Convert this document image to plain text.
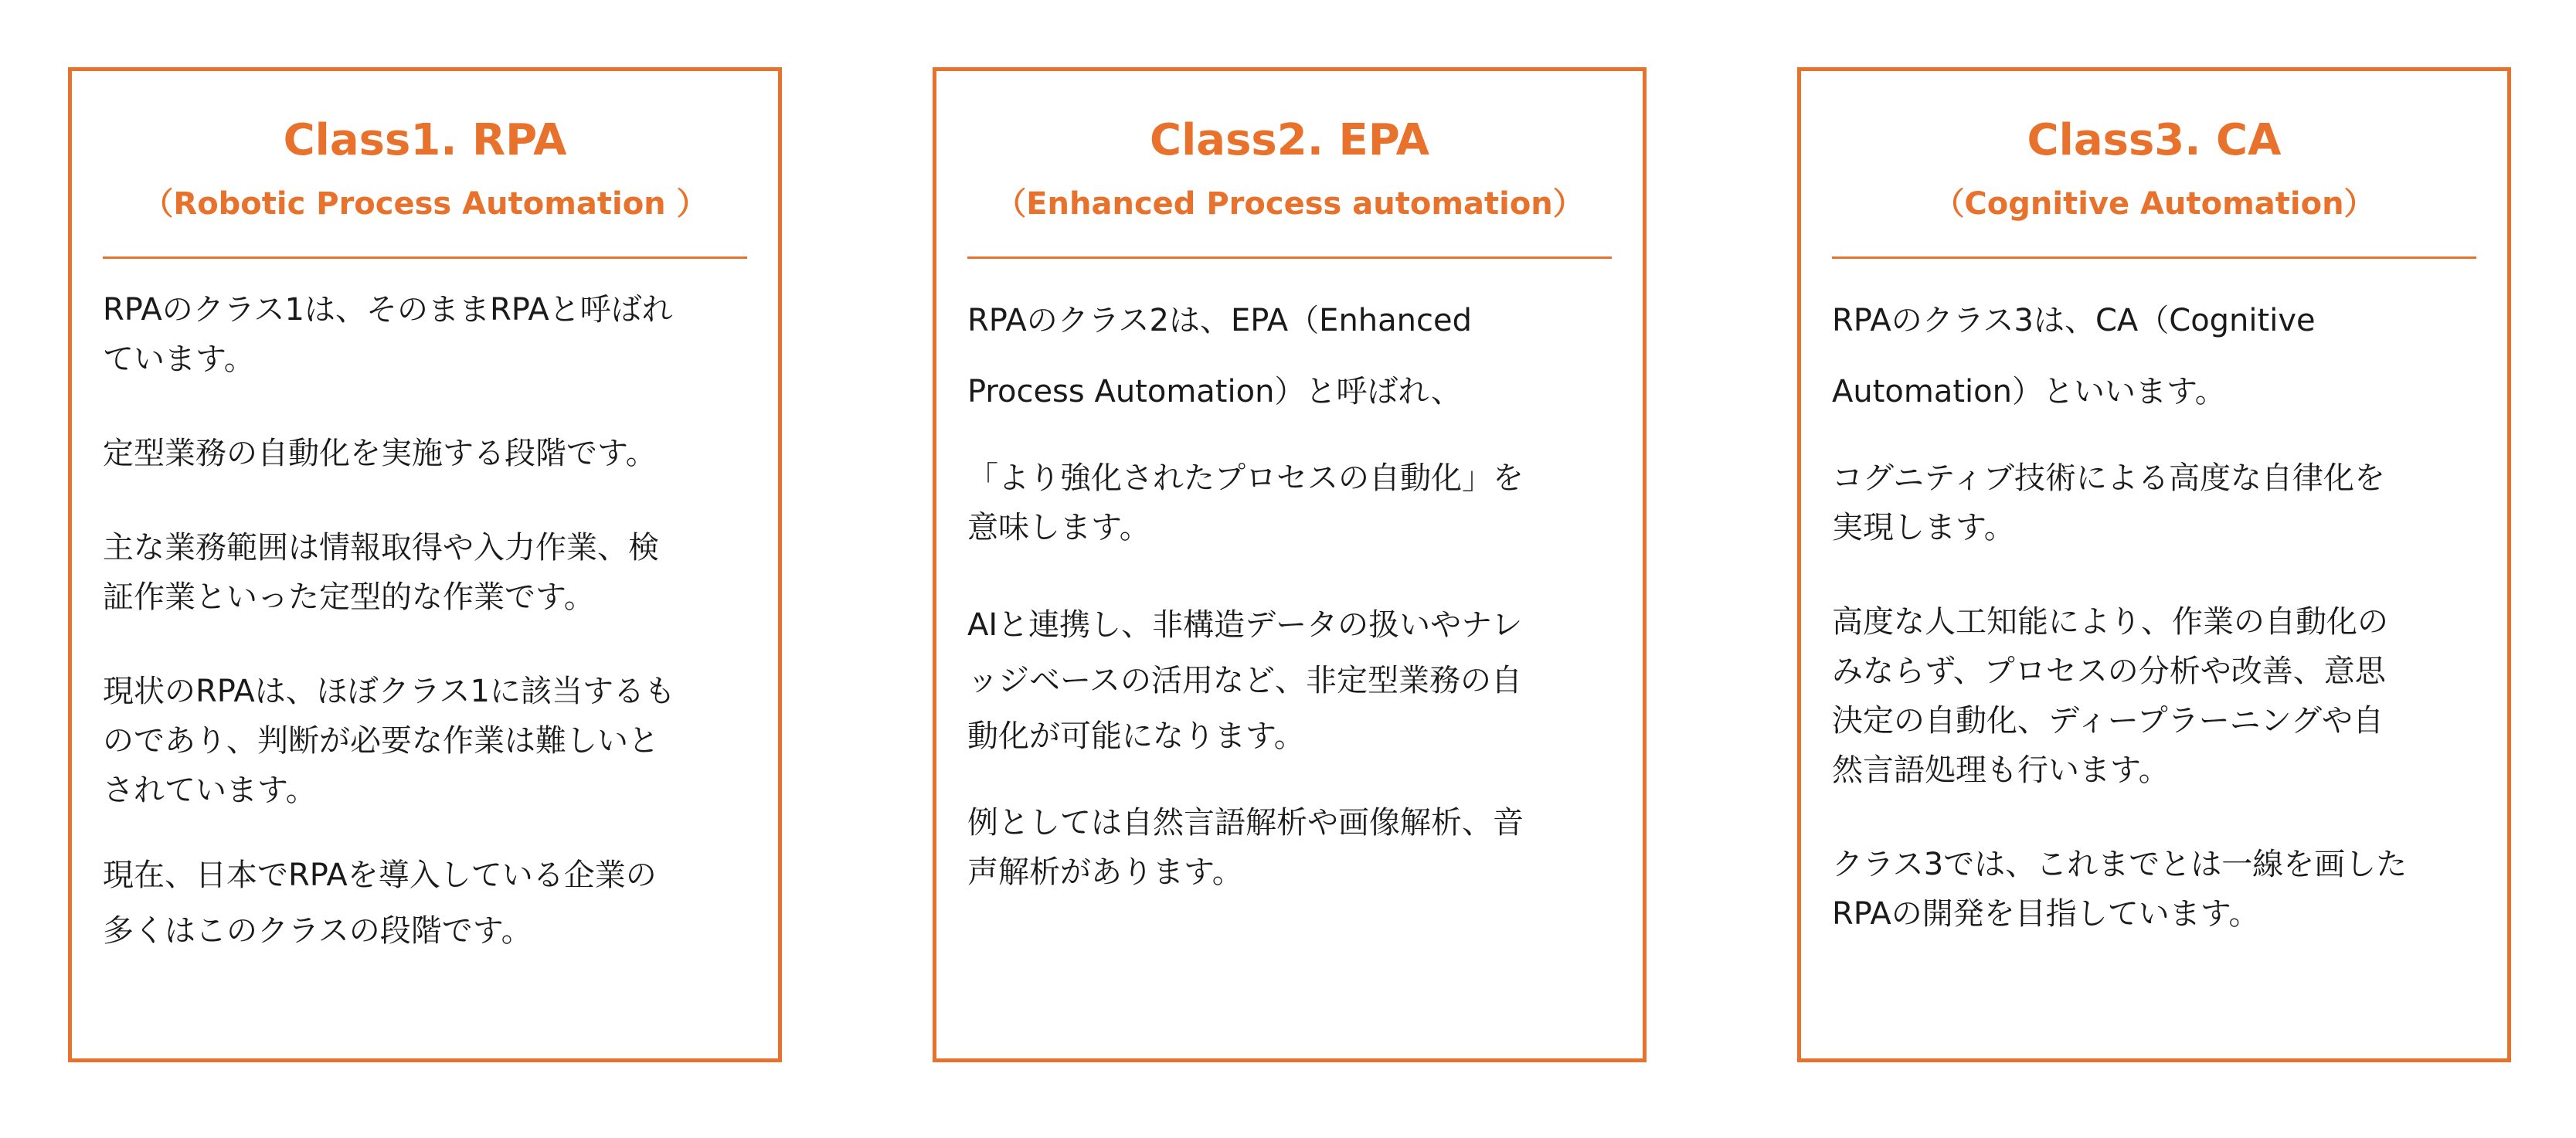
Class1. RPA
（Robotic Process Automation ）

RPAのクラス1は、そのままRPAと呼ばれ
ています。

定型業務の自動化を実施する段階です。

主な業務範囲は情報取得や入力作業、検
証作業といった定型的な作業です。

現状のRPAは、ほぼクラス1に該当するも
のであり、判断が必要な作業は難しいと
されています。

現在、日本でRPAを導入している企業の
多くはこのクラスの段階です。

Class2. EPA
（Enhanced Process automation）

RPAのクラス2は、EPA（Enhanced
Process Automation）と呼ばれ、

「より強化されたプロセスの自動化」を
意味します。

AIと連携し、非構造データの扱いやナレ
ッジベースの活用など、非定型業務の自
動化が可能になります。

例としては自然言語解析や画像解析、音
声解析があります。

Class3. CA
（Cognitive Automation）

RPAのクラス3は、CA（Cognitive
Automation）といいます。

コグニティブ技術による高度な自律化を
実現します。

高度な人工知能により、作業の自動化の
みならず、プロセスの分析や改善、意思
決定の自動化、ディープラーニングや自
然言語処理も行います。

クラス3では、これまでとは一線を画した
RPAの開発を目指しています。
